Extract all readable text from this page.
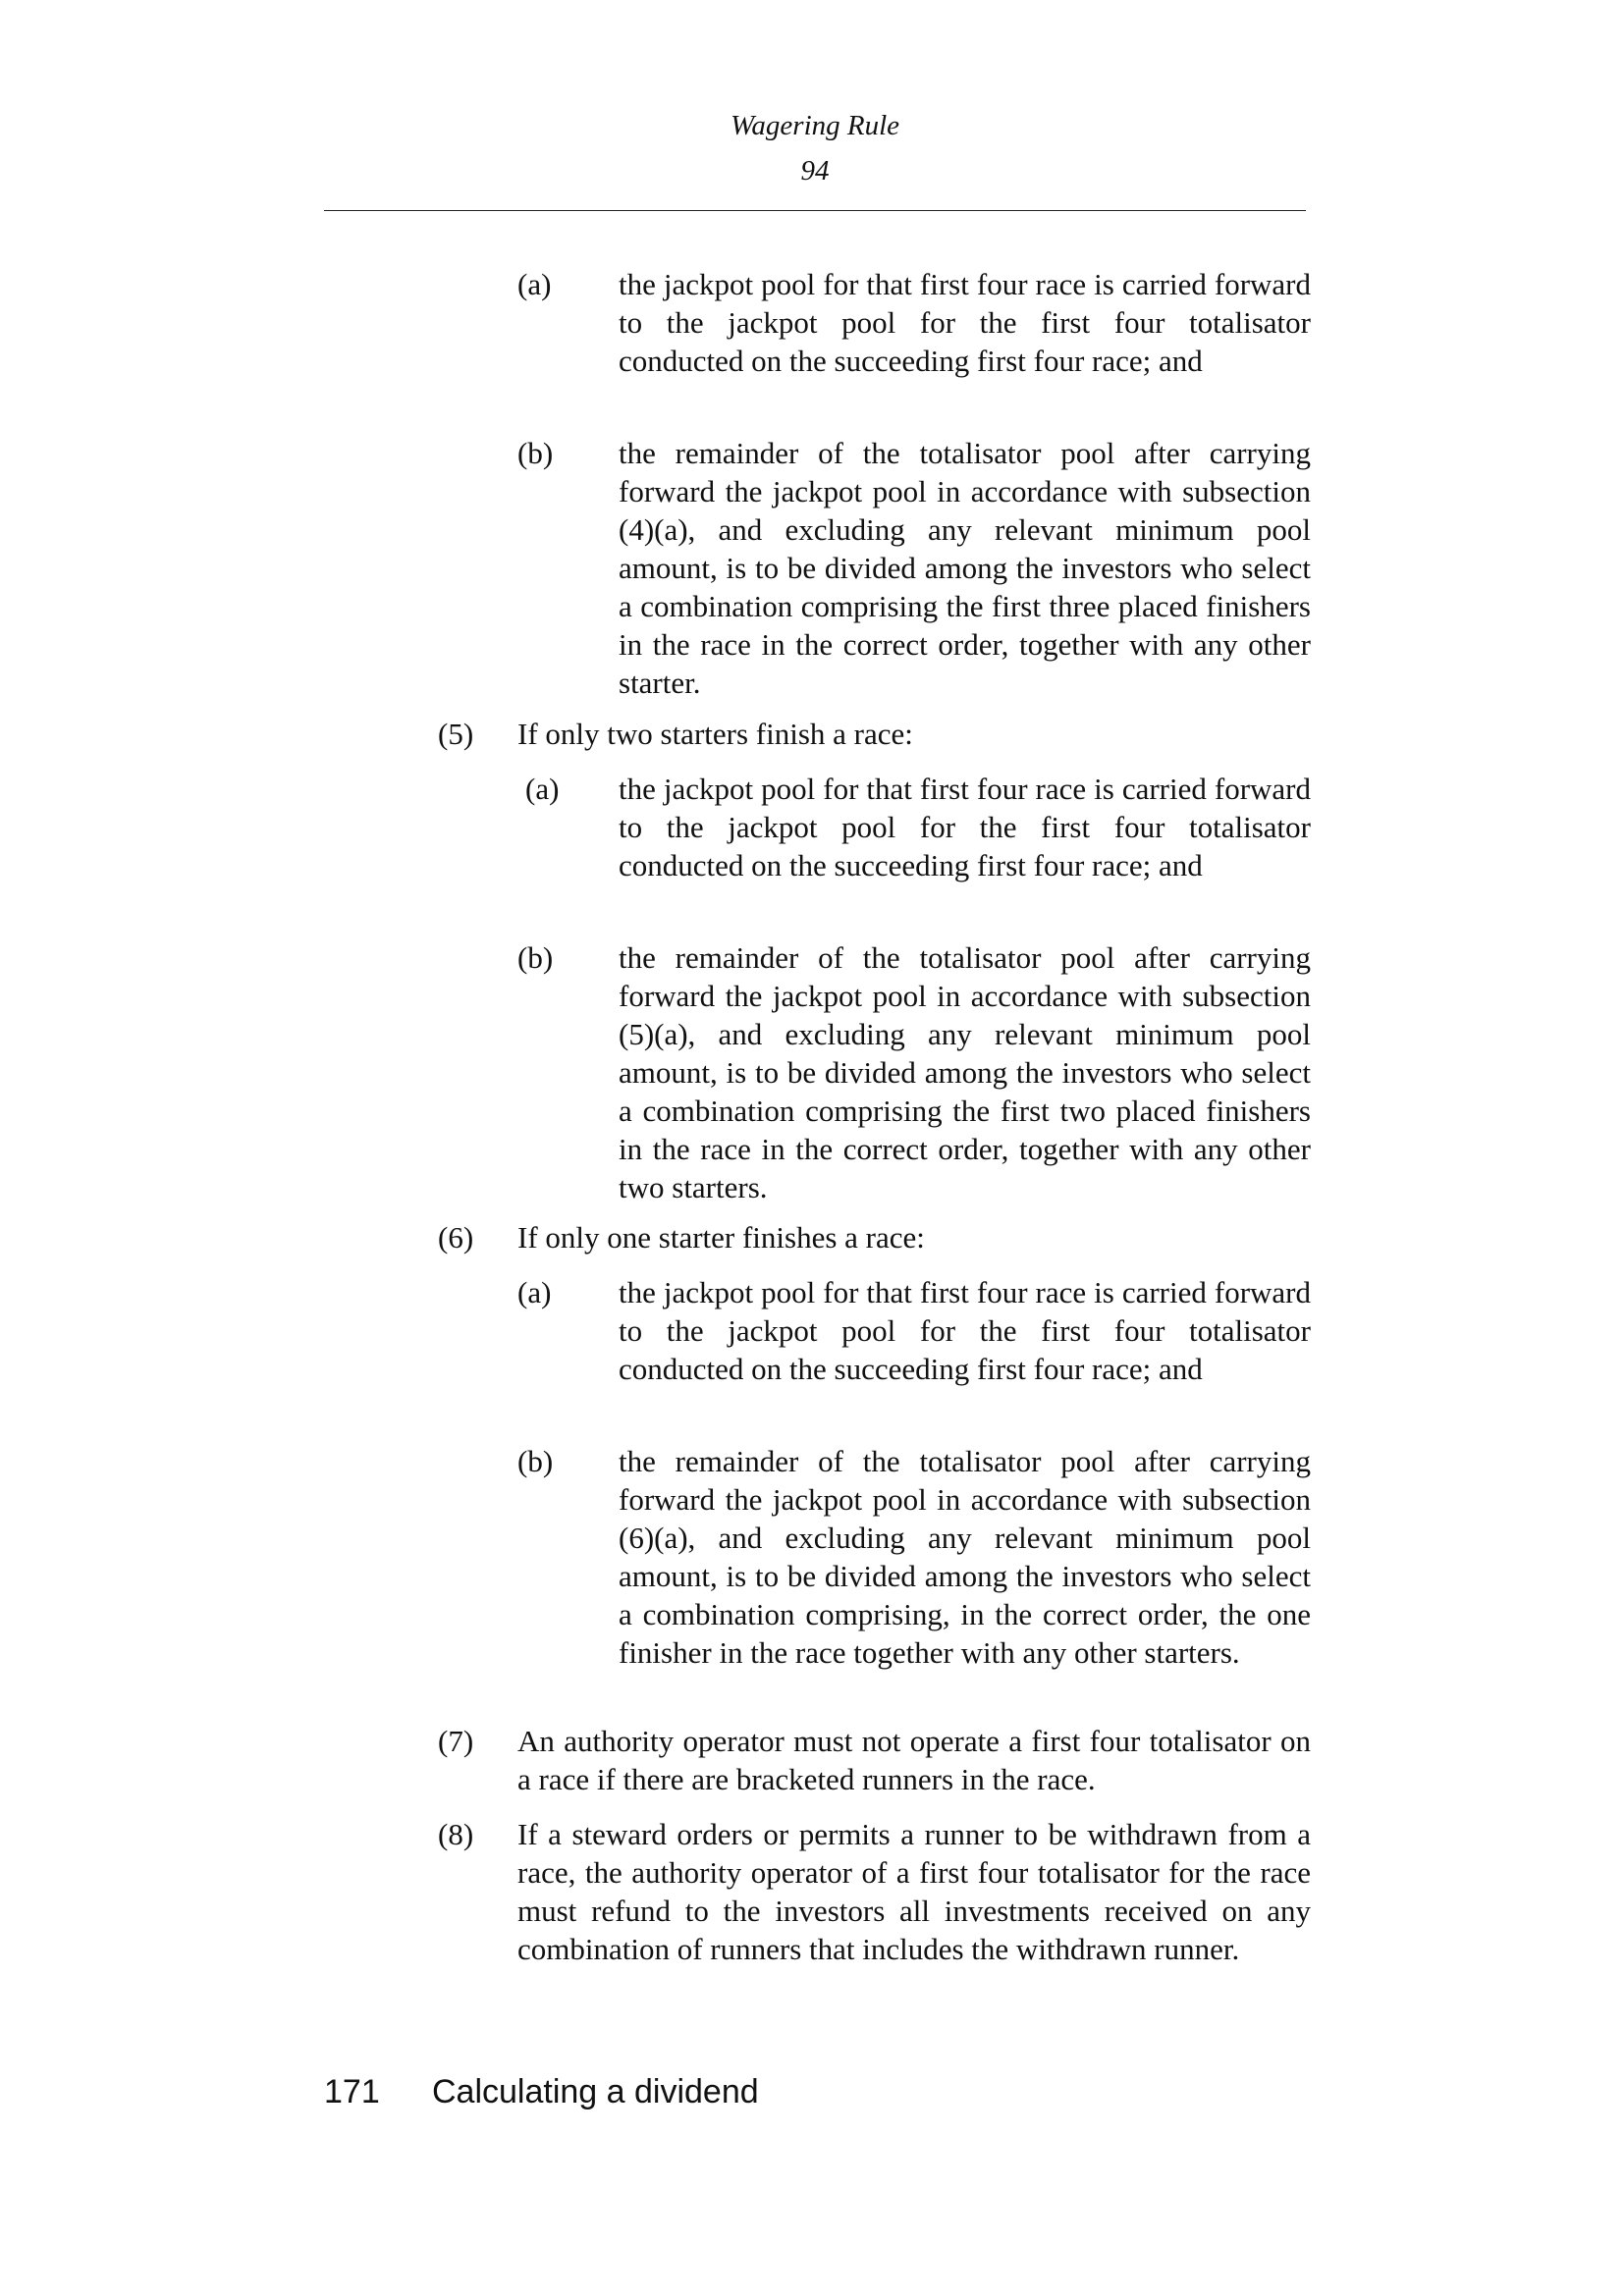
Wagering Rule
94
(a) the jackpot pool for that first four race is carried forward to the jackpot pool for the first four totalisator conducted on the succeeding first four race; and
(b) the remainder of the totalisator pool after carrying forward the jackpot pool in accordance with subsection (4)(a), and excluding any relevant minimum pool amount, is to be divided among the investors who select a combination comprising the first three placed finishers in the race in the correct order, together with any other starter.
(5) If only two starters finish a race:
(a) the jackpot pool for that first four race is carried forward to the jackpot pool for the first four totalisator conducted on the succeeding first four race; and
(b) the remainder of the totalisator pool after carrying forward the jackpot pool in accordance with subsection (5)(a), and excluding any relevant minimum pool amount, is to be divided among the investors who select a combination comprising the first two placed finishers in the race in the correct order, together with any other two starters.
(6) If only one starter finishes a race:
(a) the jackpot pool for that first four race is carried forward to the jackpot pool for the first four totalisator conducted on the succeeding first four race; and
(b) the remainder of the totalisator pool after carrying forward the jackpot pool in accordance with subsection (6)(a), and excluding any relevant minimum pool amount, is to be divided among the investors who select a combination comprising, in the correct order, the one finisher in the race together with any other starters.
(7) An authority operator must not operate a first four totalisator on a race if there are bracketed runners in the race.
(8) If a steward orders or permits a runner to be withdrawn from a race, the authority operator of a first four totalisator for the race must refund to the investors all investments received on any combination of runners that includes the withdrawn runner.
171 Calculating a dividend
